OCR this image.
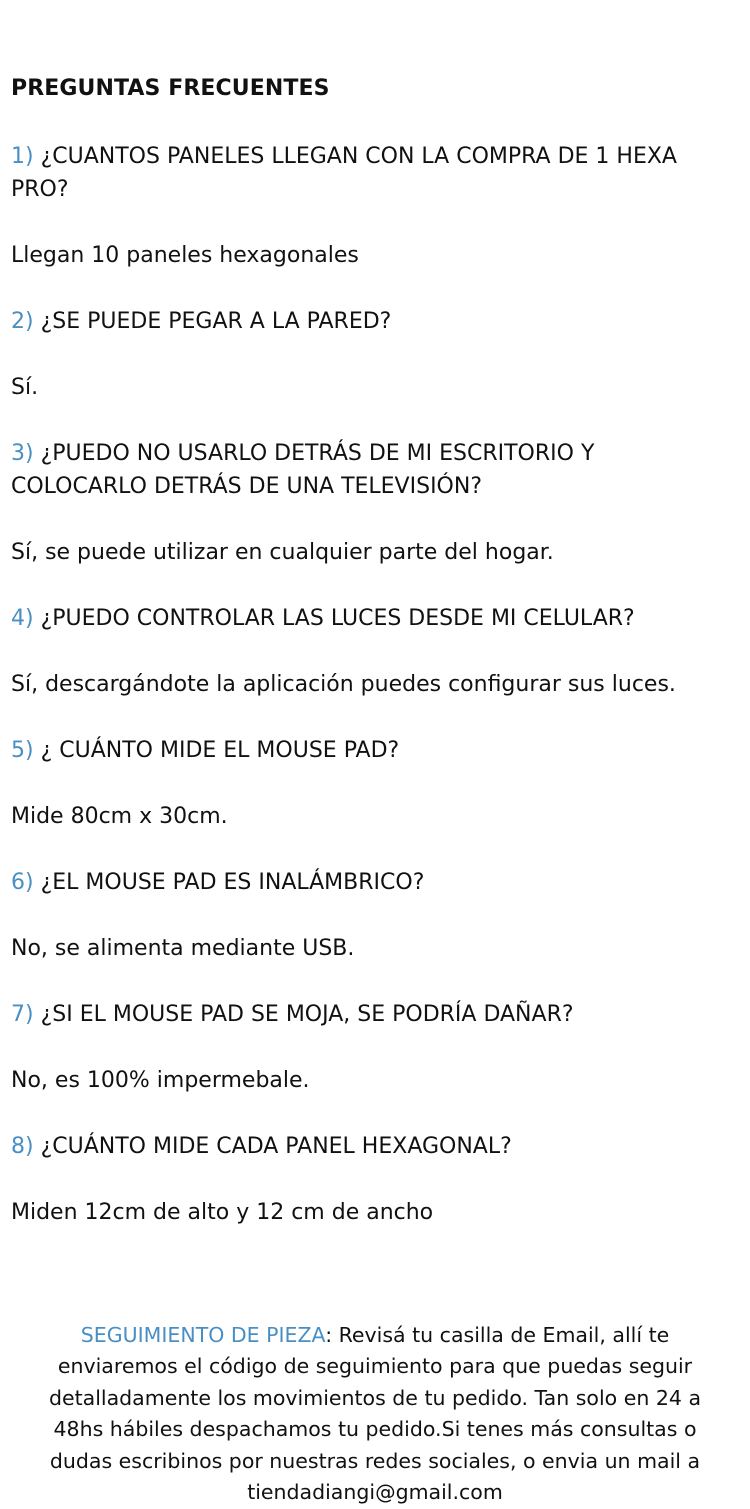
PREGUNTAS FRECUENTES

1) ¿CUANTOS PANELES LLEGAN CON LA COMPRA DE 1 HEXA PRO?

Llegan 10 paneles hexagonales

2) ¿SE PUEDE PEGAR A LA PARED?

Sí.

3) ¿PUEDO NO USARLO DETRÁS DE MI ESCRITORIO Y COLOCARLO DETRÁS DE UNA TELEVISIÓN?

Sí, se puede utilizar en cualquier parte del hogar.

4) ¿PUEDO CONTROLAR LAS LUCES DESDE MI CELULAR?

Sí, descargándote la aplicación puedes configurar sus luces.

5) ¿ CUÁNTO MIDE EL MOUSE PAD?

Mide 80cm x 30cm.

6) ¿EL MOUSE PAD ES INALÁMBRICO?

No, se alimenta mediante USB.

7) ¿SI EL MOUSE PAD SE MOJA, SE PODRÍA DAÑAR?

No, es 100% impermebale.

8) ¿CUÁNTO MIDE CADA PANEL HEXAGONAL?

Miden 12cm de alto y 12 cm de ancho

SEGUIMIENTO DE PIEZA: Revisá tu casilla de Email, allí te enviaremos el código de seguimiento para que puedas seguir detalladamente los movimientos de tu pedido. Tan solo en 24 a 48hs hábiles despachamos tu pedido.Si tenes más consultas o dudas escribinos por nuestras redes sociales, o envia un mail a tiendadiangi@gmail.com
